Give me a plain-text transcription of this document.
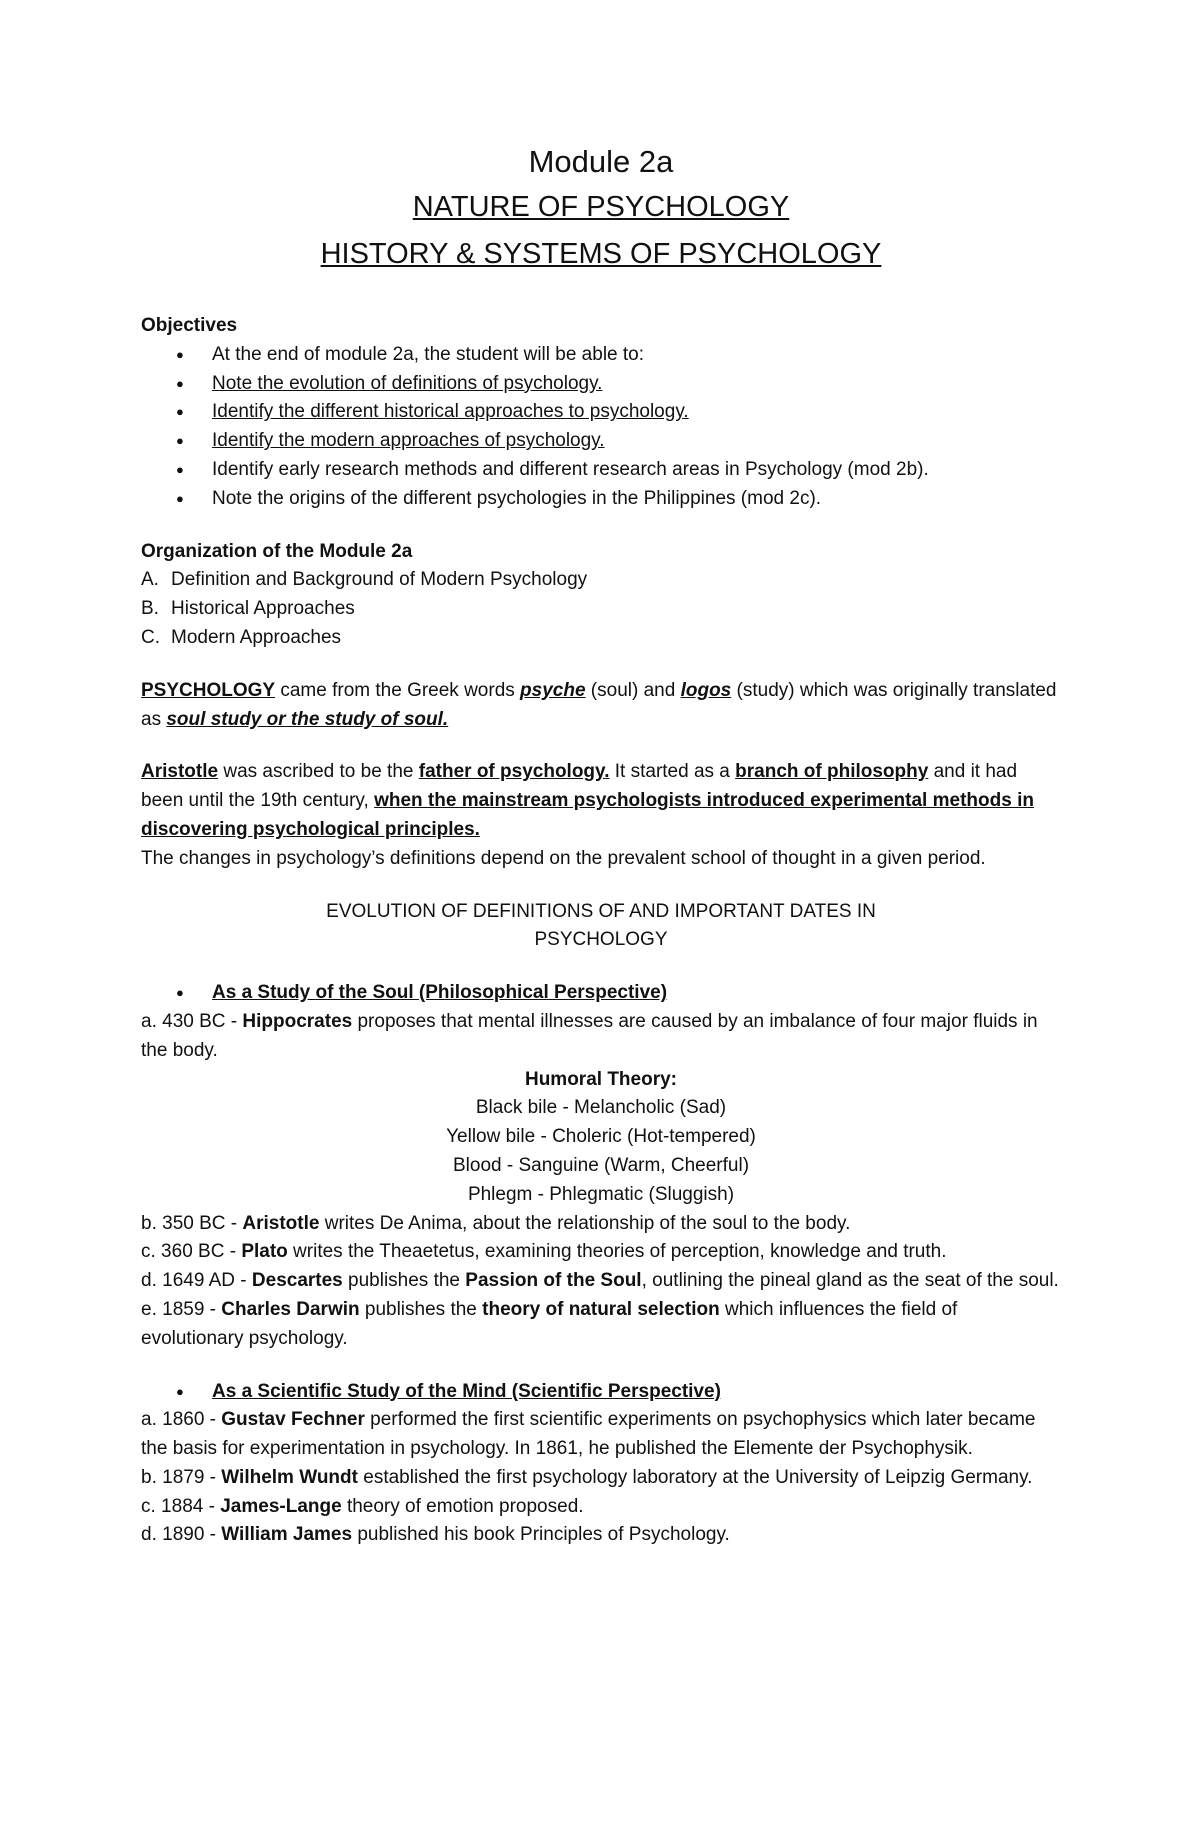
Module 2a

NATURE OF PSYCHOLOGY

HISTORY & SYSTEMS OF PSYCHOLOGY

Objectives

● At the end of module 2a, the student will be able to:
● Note the evolution of definitions of psychology.
● Identify the different historical approaches to psychology.
● Identify the modern approaches of psychology.
● Identify early research methods and different research areas in Psychology (mod 2b).
● Note the origins of the different psychologies in the Philippines (mod 2c).

Organization of the Module 2a

A. Definition and Background of Modern Psychology
B. Historical Approaches
C. Modern Approaches

PSYCHOLOGY came from the Greek words psyche (soul) and logos (study) which was originally translated as soul study or the study of soul.

Aristotle was ascribed to be the father of psychology. It started as a branch of philosophy and it had been until the 19th century, when the mainstream psychologists introduced experimental methods in discovering psychological principles.

The changes in psychology’s definitions depend on the prevalent school of thought in a given period.

EVOLUTION OF DEFINITIONS OF AND IMPORTANT DATES IN

PSYCHOLOGY

● As a Study of the Soul (Philosophical Perspective)

a. 430 BC - Hippocrates proposes that mental illnesses are caused by an imbalance of four major fluids in the body.

Humoral Theory:

Black bile - Melancholic (Sad)

Yellow bile - Choleric (Hot-tempered)

Blood - Sanguine (Warm, Cheerful)

Phlegm - Phlegmatic (Sluggish)

b. 350 BC - Aristotle writes De Anima, about the relationship of the soul to the body.

c. 360 BC - Plato writes the Theaetetus, examining theories of perception, knowledge and truth.

d. 1649 AD - Descartes publishes the Passion of the Soul, outlining the pineal gland as the seat of the soul.

e. 1859 - Charles Darwin publishes the theory of natural selection which influences the field of evolutionary psychology.

● As a Scientific Study of the Mind (Scientific Perspective)

a. 1860 - Gustav Fechner performed the first scientific experiments on psychophysics which later became the basis for experimentation in psychology. In 1861, he published the Elemente der Psychophysik.

b. 1879 - Wilhelm Wundt established the first psychology laboratory at the University of Leipzig Germany.

c. 1884 - James-Lange theory of emotion proposed.

d. 1890 - William James published his book Principles of Psychology.
